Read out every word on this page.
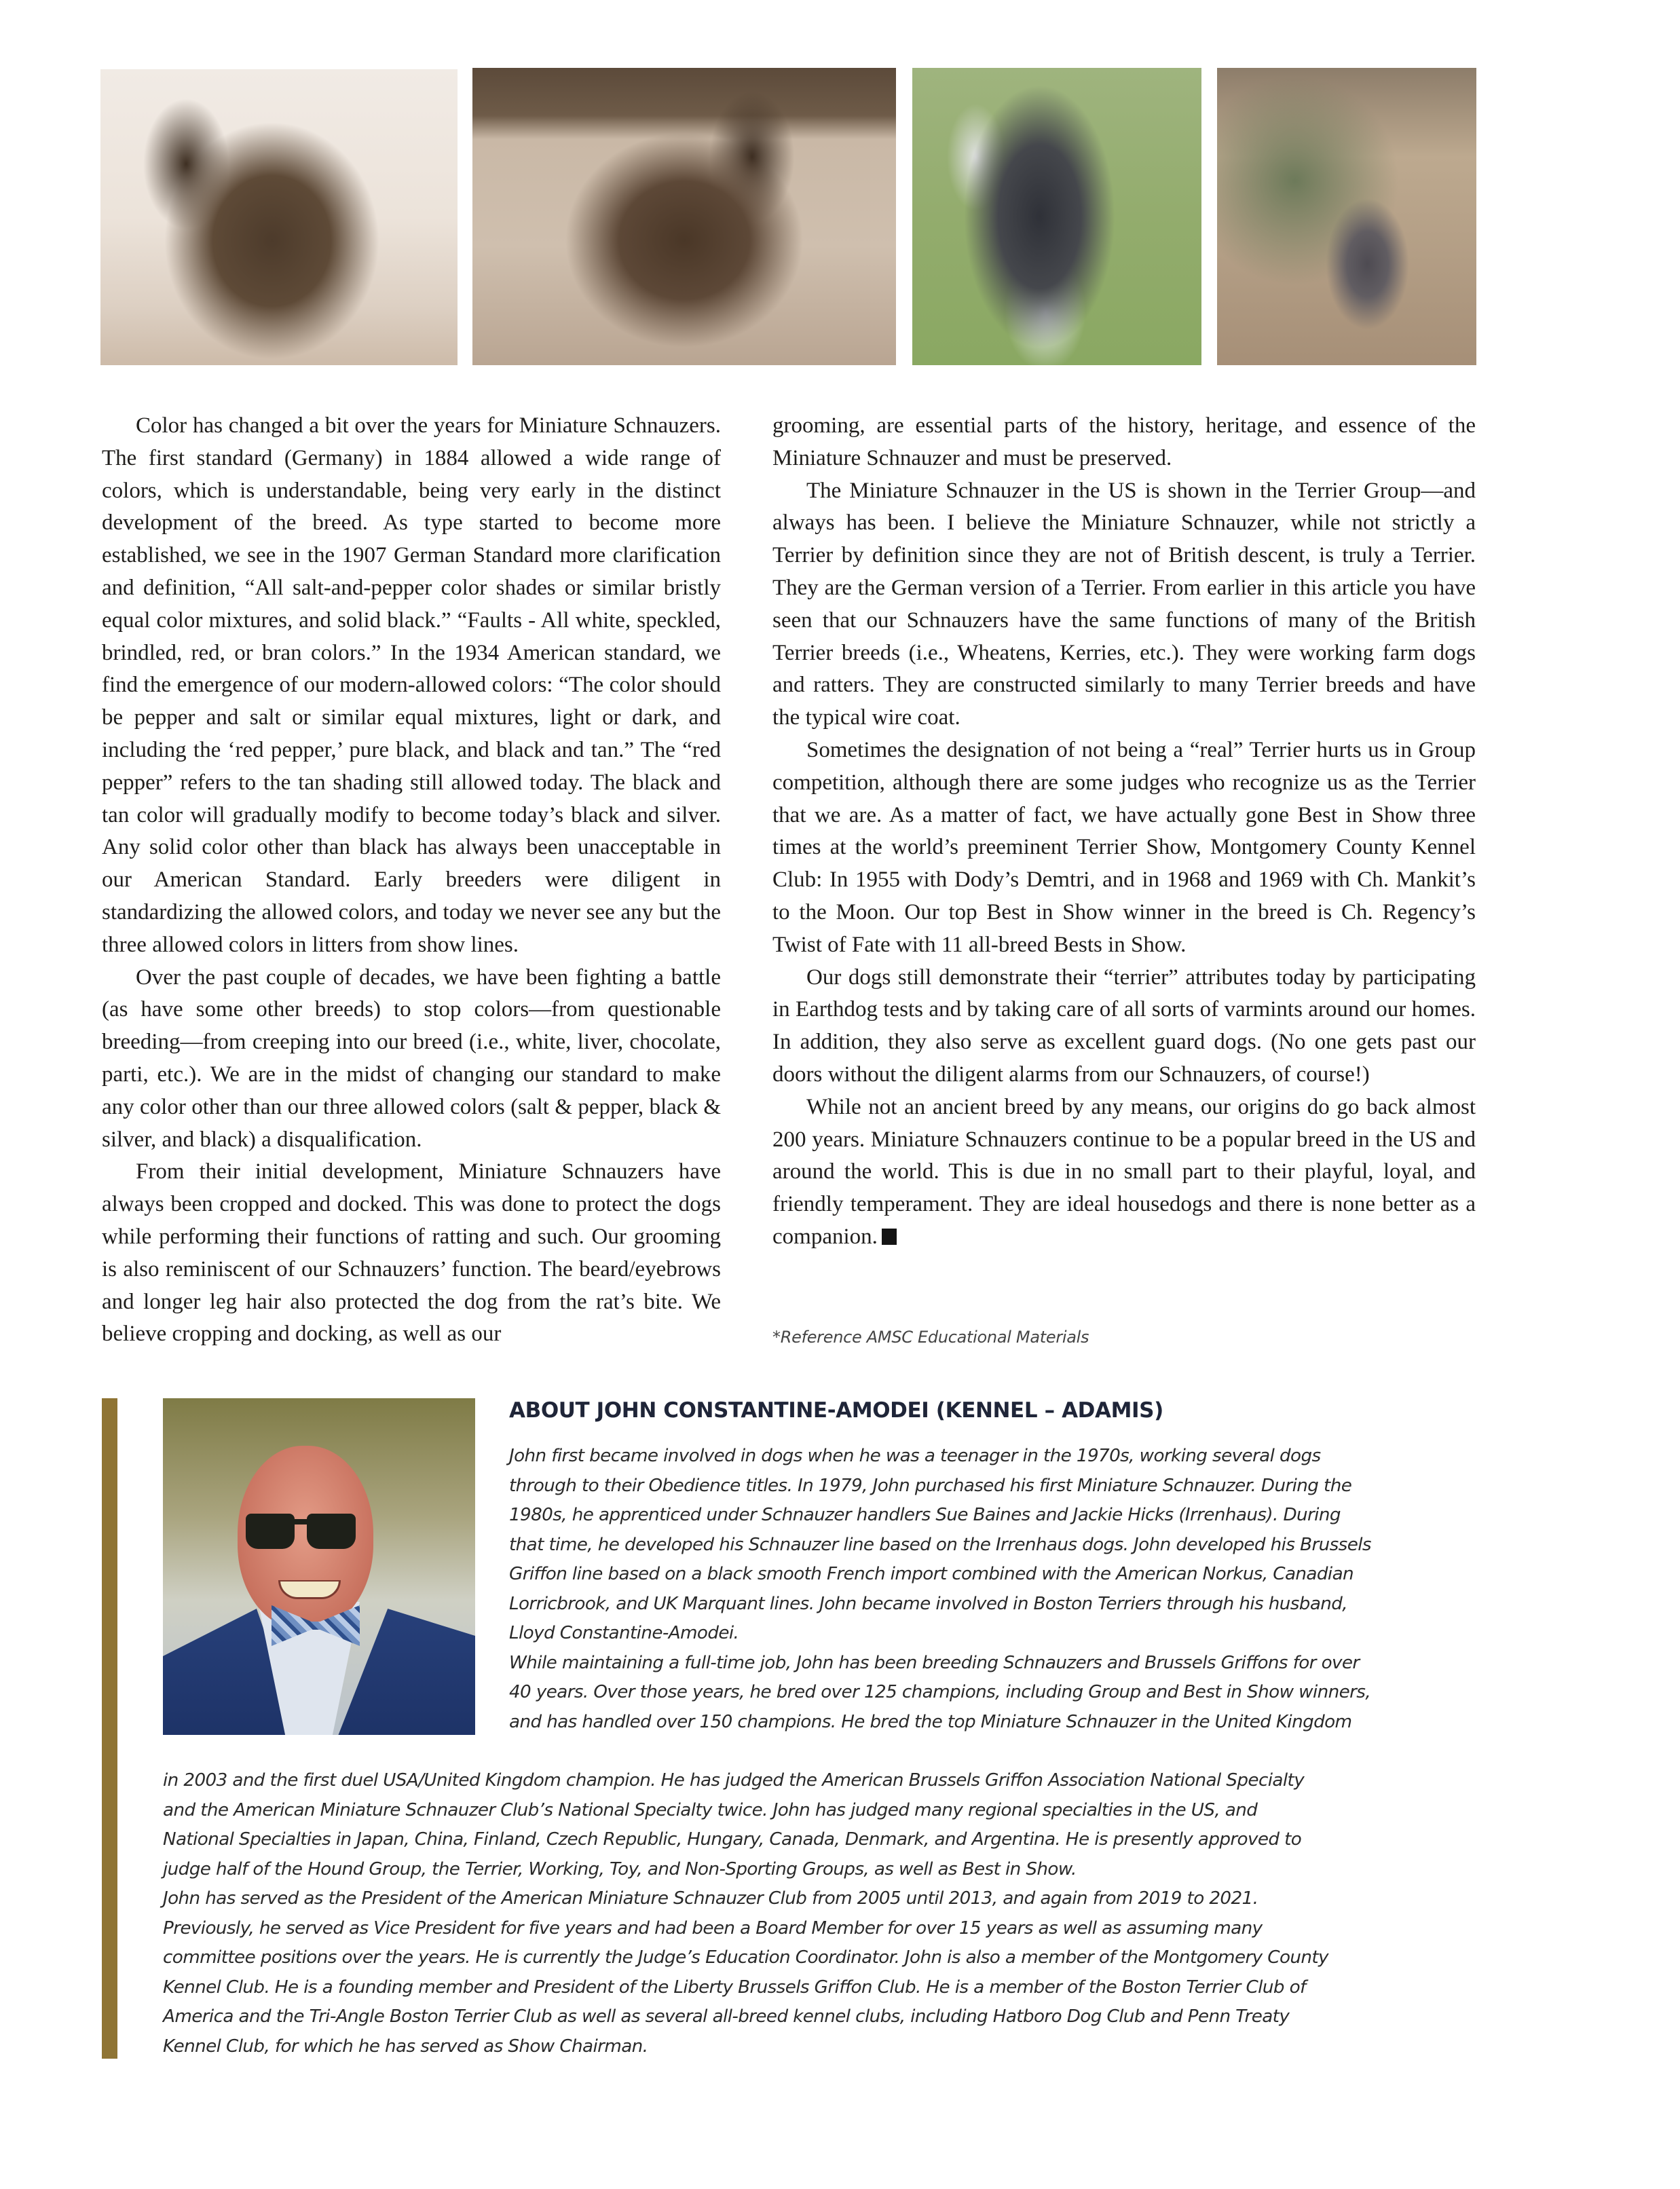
Color has changed a bit over the years for Miniature Schnauzers. The first standard (Germany) in 1884 allowed a wide range of colors, which is understandable, being very early in the distinct development of the breed. As type started to become more established, we see in the 1907 German Standard more clarification and definition, “All salt-and-pepper color shades or similar bristly equal color mixtures, and solid black.” “Faults - All white, speckled, brindled, red, or bran colors.” In the 1934 American standard, we find the emergence of our modern-allowed colors: “The color should be pepper and salt or similar equal mixtures, light or dark, and including the ‘red pepper,’ pure black, and black and tan.” The “red pepper” refers to the tan shading still allowed today. The black and tan color will gradually modify to become today’s black and silver. Any solid color other than black has always been unacceptable in our American Standard. Early breeders were diligent in standardizing the allowed colors, and today we never see any but the three allowed colors in litters from show lines.

Over the past couple of decades, we have been fighting a battle (as have some other breeds) to stop colors—from questionable breeding—from creeping into our breed (i.e., white, liver, chocolate, parti, etc.). We are in the midst of changing our standard to make any color other than our three allowed colors (salt & pepper, black & silver, and black) a disqualification.

From their initial development, Miniature Schnauzers have always been cropped and docked. This was done to protect the dogs while performing their functions of ratting and such. Our grooming is also reminiscent of our Schnauzers’ function. The beard/eyebrows and longer leg hair also protected the dog from the rat’s bite. We believe cropping and docking, as well as our

grooming, are essential parts of the history, heritage, and essence of the Miniature Schnauzer and must be preserved.

The Miniature Schnauzer in the US is shown in the Terrier Group—and always has been. I believe the Miniature Schnauzer, while not strictly a Terrier by definition since they are not of British descent, is truly a Terrier. They are the German version of a Terrier. From earlier in this article you have seen that our Schnauzers have the same functions of many of the British Terrier breeds (i.e., Wheatens, Kerries, etc.). They were working farm dogs and ratters. They are constructed similarly to many Terrier breeds and have the typical wire coat.

Sometimes the designation of not being a “real” Terrier hurts us in Group competition, although there are some judges who recognize us as the Terrier that we are. As a matter of fact, we have actually gone Best in Show three times at the world’s preeminent Terrier Show, Montgomery County Kennel Club: In 1955 with Dody’s Demtri, and in 1968 and 1969 with Ch. Mankit’s to the Moon. Our top Best in Show winner in the breed is Ch. Regency’s Twist of Fate with 11 all-breed Bests in Show.

Our dogs still demonstrate their “terrier” attributes today by participating in Earthdog tests and by taking care of all sorts of varmints around our homes. In addition, they also serve as excellent guard dogs. (No one gets past our doors without the diligent alarms from our Schnauzers, of course!)

While not an ancient breed by any means, our origins do go back almost 200 years. Miniature Schnauzers continue to be a popular breed in the US and around the world. This is due in no small part to their playful, loyal, and friendly temperament. They are ideal housedogs and there is none better as a companion.

*Reference AMSC Educational Materials
ABOUT JOHN CONSTANTINE-AMODEI (KENNEL – ADAMIS)
John first became involved in dogs when he was a teenager in the 1970s, working several dogs
through to their Obedience titles. In 1979, John purchased his first Miniature Schnauzer. During the
1980s, he apprenticed under Schnauzer handlers Sue Baines and Jackie Hicks (Irrenhaus). During
that time, he developed his Schnauzer line based on the Irrenhaus dogs. John developed his Brussels
Griffon line based on a black smooth French import combined with the American Norkus, Canadian
Lorricbrook, and UK Marquant lines. John became involved in Boston Terriers through his husband,
Lloyd Constantine-Amodei.
While maintaining a full-time job, John has been breeding Schnauzers and Brussels Griffons for over
40 years. Over those years, he bred over 125 champions, including Group and Best in Show winners,
and has handled over 150 champions. He bred the top Miniature Schnauzer in the United Kingdom
in 2003 and the first duel USA/United Kingdom champion. He has judged the American Brussels Griffon Association National Specialty
and the American Miniature Schnauzer Club’s National Specialty twice. John has judged many regional specialties in the US, and
National Specialties in Japan, China, Finland, Czech Republic, Hungary, Canada, Denmark, and Argentina. He is presently approved to
judge half of the Hound Group, the Terrier, Working, Toy, and Non-Sporting Groups, as well as Best in Show.
John has served as the President of the American Miniature Schnauzer Club from 2005 until 2013, and again from 2019 to 2021.
Previously, he served as Vice President for five years and had been a Board Member for over 15 years as well as assuming many
committee positions over the years. He is currently the Judge’s Education Coordinator. John is also a member of the Montgomery County
Kennel Club. He is a founding member and President of the Liberty Brussels Griffon Club. He is a member of the Boston Terrier Club of
America and the Tri-Angle Boston Terrier Club as well as several all-breed kennel clubs, including Hatboro Dog Club and Penn Treaty
Kennel Club, for which he has served as Show Chairman.
